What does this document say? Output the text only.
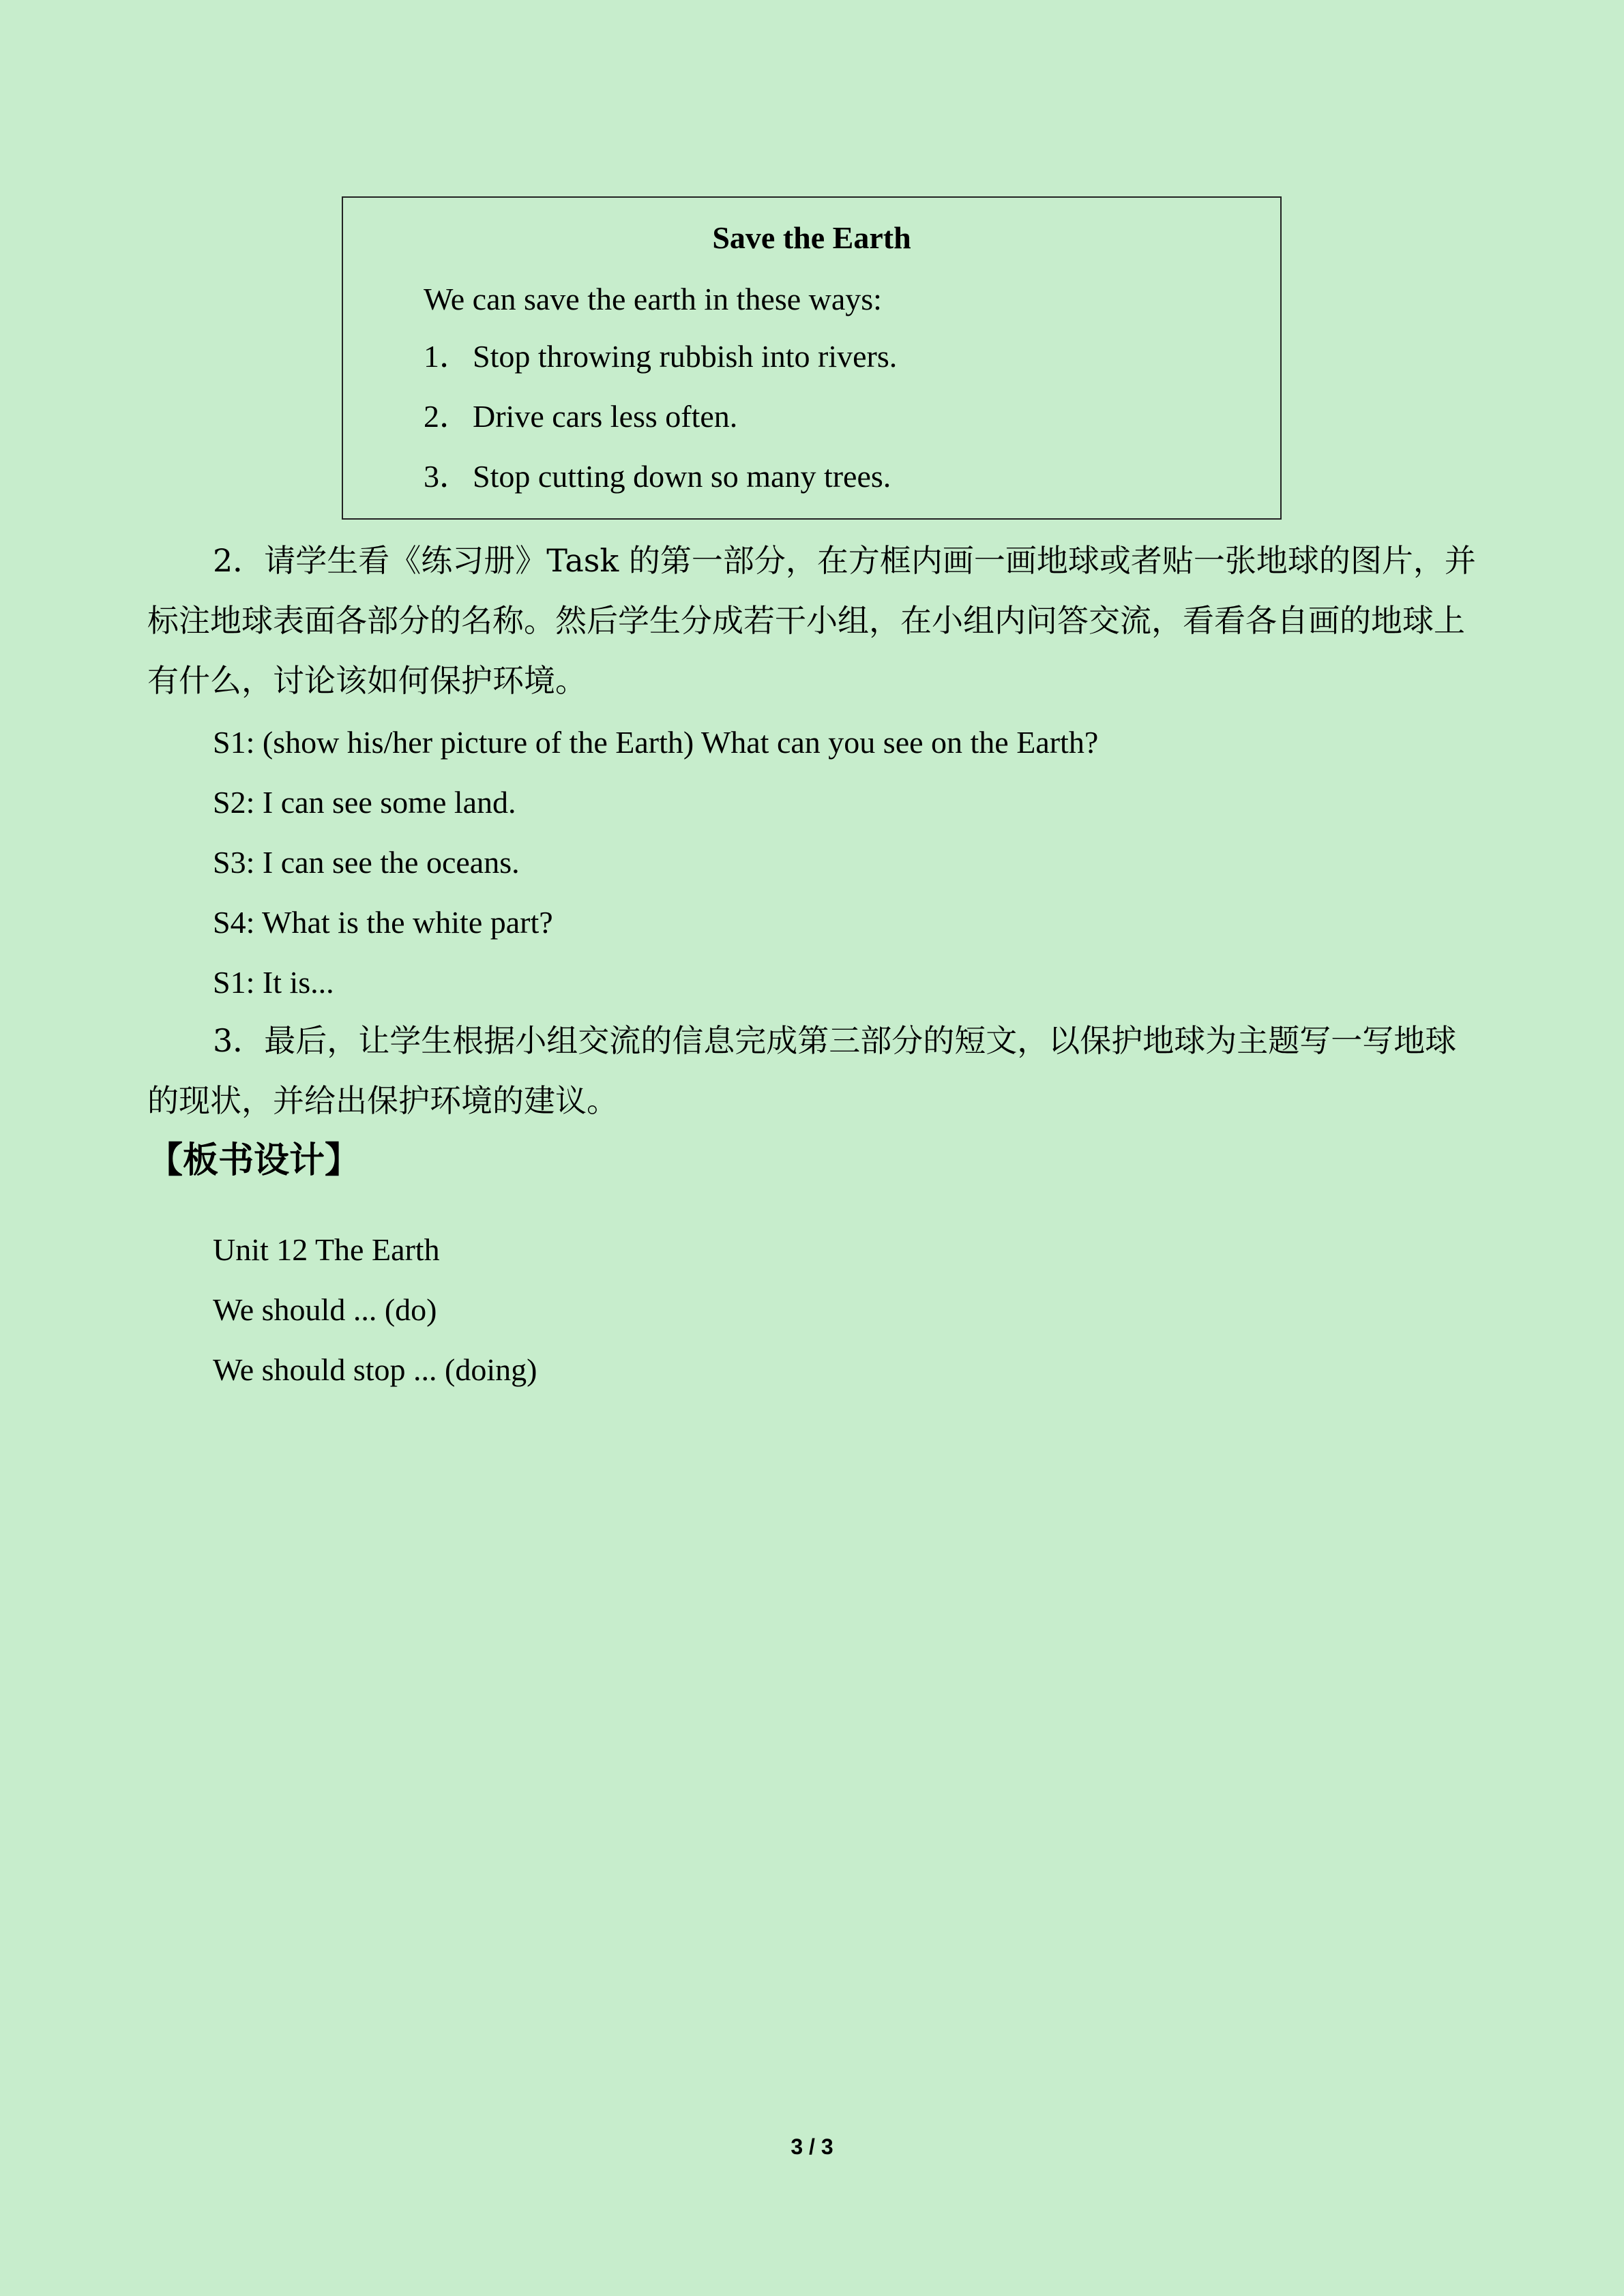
Save the Earth
We can save the earth in these ways:
1．Stop throwing rubbish into rivers.
2．Drive cars less often.
3．Stop cutting down so many trees.
2．请学生看《练习册》Task 的第一部分，在方框内画一画地球或者贴一张地球的图片，并标注地球表面各部分的名称。然后学生分成若干小组，在小组内问答交流，看看各自画的地球上有什么，讨论该如何保护环境。
S1: (show his/her picture of the Earth) What can you see on the Earth?
S2: I can see some land.
S3: I can see the oceans.
S4: What is the white part?
S1: It is...
3．最后，让学生根据小组交流的信息完成第三部分的短文，以保护地球为主题写一写地球的现状，并给出保护环境的建议。
【板书设计】
Unit 12 The Earth
We should ... (do)
We should stop ... (doing)
3 / 3
